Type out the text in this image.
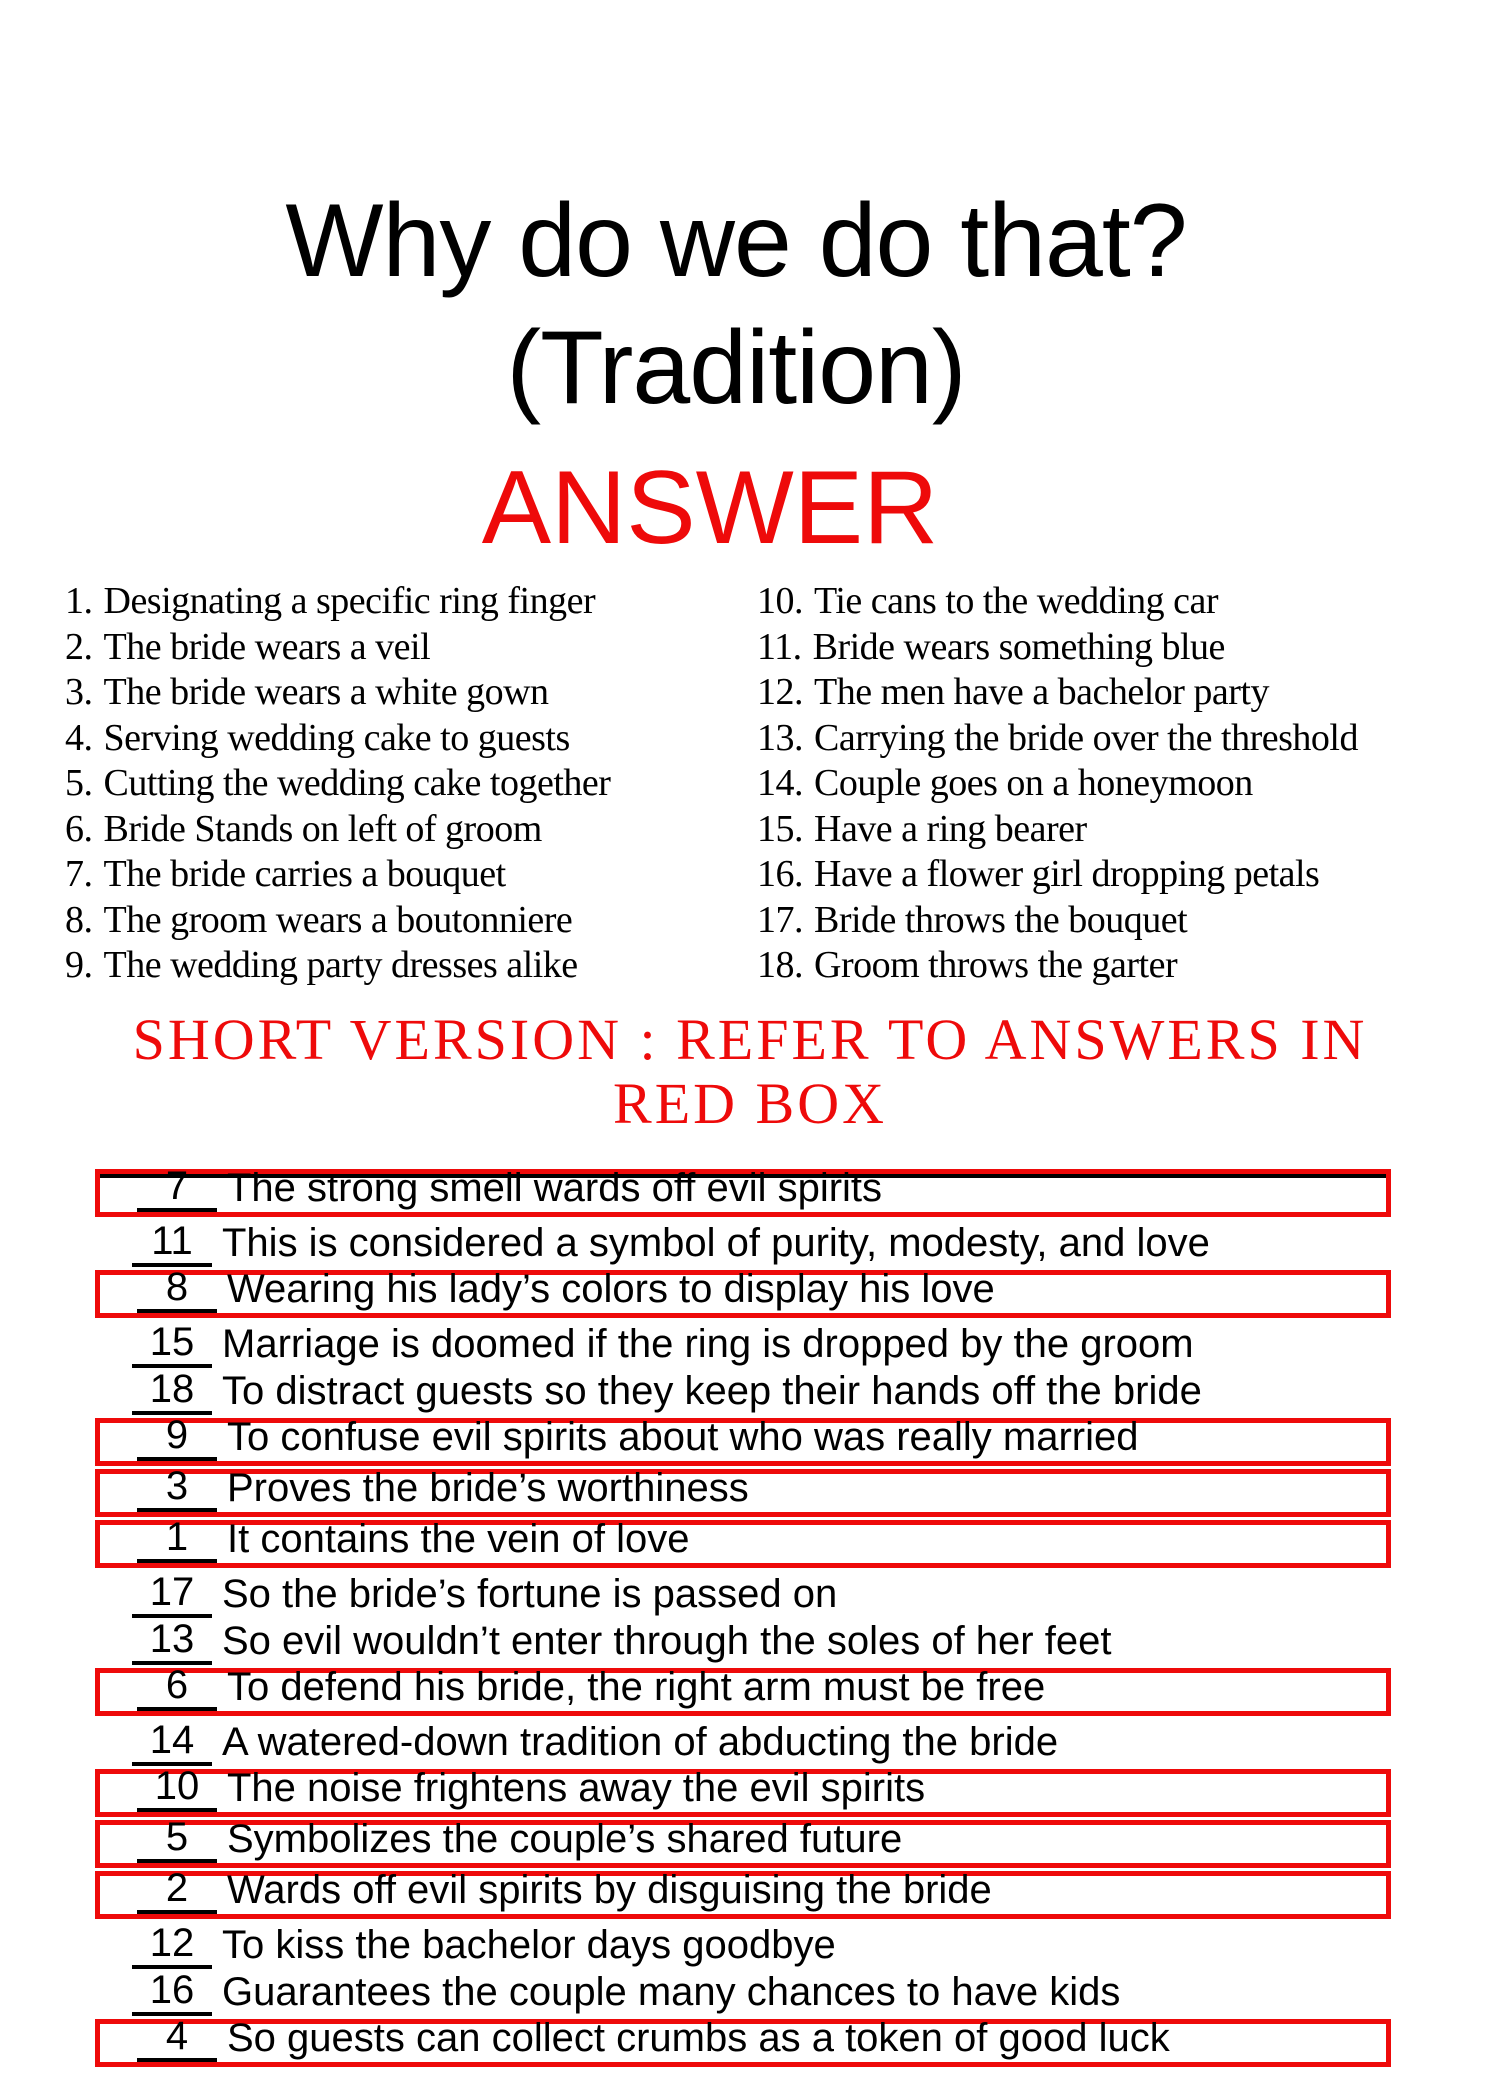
Why do we do that?
(Tradition)
ANSWER
1. Designating a specific ring finger
2. The bride wears a veil
3. The bride wears a white gown
4. Serving wedding cake to guests
5. Cutting the wedding cake together
6. Bride Stands on left of groom
7. The bride carries a bouquet
8. The groom wears a boutonniere
9. The wedding party dresses alike
10. Tie cans to the wedding car
11. Bride wears something blue
12. The men have a bachelor party
13. Carrying the bride over the threshold
14. Couple goes on a honeymoon
15. Have a ring bearer
16. Have a flower girl dropping petals
17. Bride throws the bouquet
18. Groom throws the garter
SHORT VERSION : REFER TO ANSWERS IN
RED BOX
7 The strong smell wards off evil spirits
11 This is considered a symbol of purity, modesty, and love
8 Wearing his lady’s colors to display his love
15 Marriage is doomed if the ring is dropped by the groom
18 To distract guests so they keep their hands off the bride
9 To confuse evil spirits about who was really married
3 Proves the bride’s worthiness
1 It contains the vein of love
17 So the bride’s fortune is passed on
13 So evil wouldn’t enter through the soles of her feet
6 To defend his bride, the right arm must be free
14 A watered-down tradition of abducting the bride
10 The noise frightens away the evil spirits
5 Symbolizes the couple’s shared future
2 Wards off evil spirits by disguising the bride
12 To kiss the bachelor days goodbye
16 Guarantees the couple many chances to have kids
4 So guests can collect crumbs as a token of good luck
